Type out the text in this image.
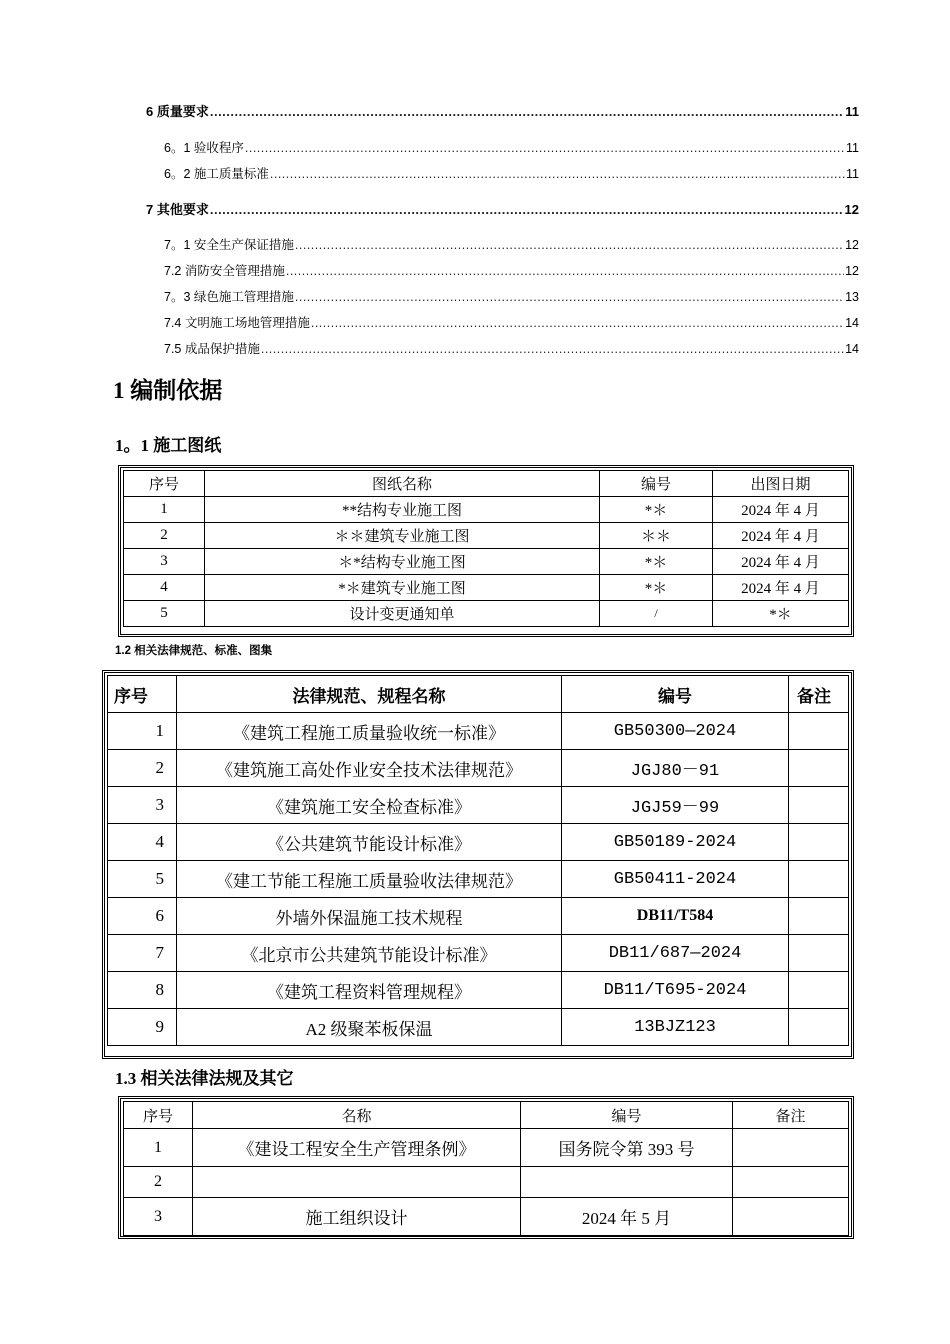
6 质量要求 .....	11
6。1 验收程序 .....	11
6。2 施工质量标准 .....	11
7 其他要求 .....	12
7。1 安全生产保证措施 .....	12
7.2 消防安全管理措施 .....	12
7。3 绿色施工管理措施 .....	13
7.4 文明施工场地管理措施 .....	14
7.5 成品保护措施 .....	14
1 编制依据
1。1 施工图纸
序号	图纸名称	编号	出图日期
1	**结构专业施工图	*＊	2024 年 4 月
2	＊＊建筑专业施工图	＊＊	2024 年 4 月
3	＊*结构专业施工图	*＊	2024 年 4 月
4	*＊建筑专业施工图	*＊	2024 年 4 月
5	设计变更通知单	/	*＊
1.2 相关法律规范、标准、图集
序号	法律规范、规程名称	编号	备注
1	《建筑工程施工质量验收统一标准》	GB50300—2024	
2	《建筑施工高处作业安全技术法律规范》	JGJ80－91	
3	《建筑施工安全检查标准》	JGJ59－99	
4	《公共建筑节能设计标准》	GB50189-2024	
5	《建工节能工程施工质量验收法律规范》	GB50411-2024	
6	外墙外保温施工技术规程	DB11/T584	
7	《北京市公共建筑节能设计标准》	DB11/687—2024	
8	《建筑工程资料管理规程》	DB11/T695-2024	
9	A2 级聚苯板保温	13BJZ123	
1.3 相关法律法规及其它
序号	名称	编号	备注
1	《建设工程安全生产管理条例》	国务院令第 393 号	
2			
3	施工组织设计	2024 年 5 月	
